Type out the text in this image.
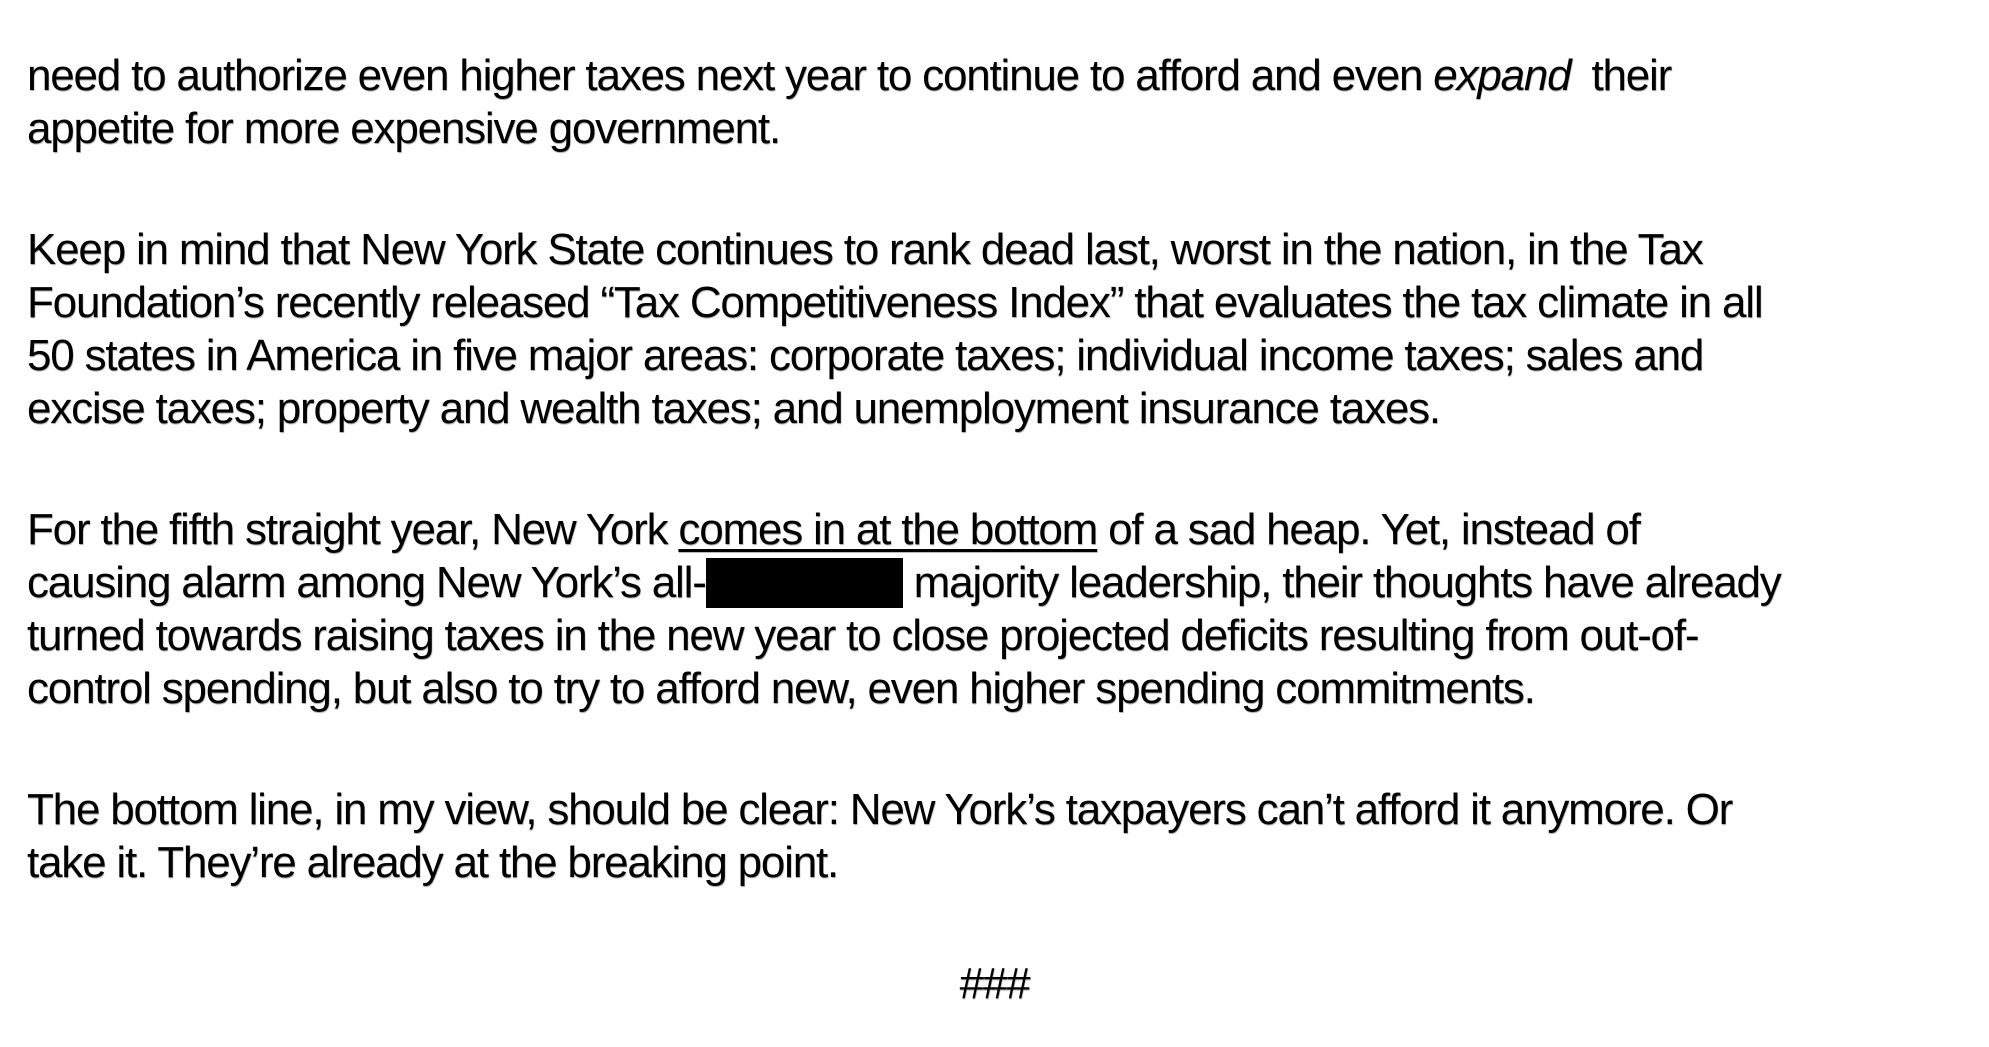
need to authorize even higher taxes next year to continue to afford and even expand their
appetite for more expensive government.
Keep in mind that New York State continues to rank dead last, worst in the nation, in the Tax
Foundation’s recently released “Tax Competitiveness Index” that evaluates the tax climate in all
50 states in America in five major areas: corporate taxes; individual income taxes; sales and
excise taxes; property and wealth taxes; and unemployment insurance taxes.
For the fifth straight year, New York comes in at the bottom of a sad heap. Yet, instead of
causing alarm among New York’s all-	majority leadership, their thoughts have already
turned towards raising taxes in the new year to close projected deficits resulting from out-of-
control spending, but also to try to afford new, even higher spending commitments.
The bottom line, in my view, should be clear: New York’s taxpayers can’t afford it anymore. Or
take it. They’re already at the breaking point.
###
